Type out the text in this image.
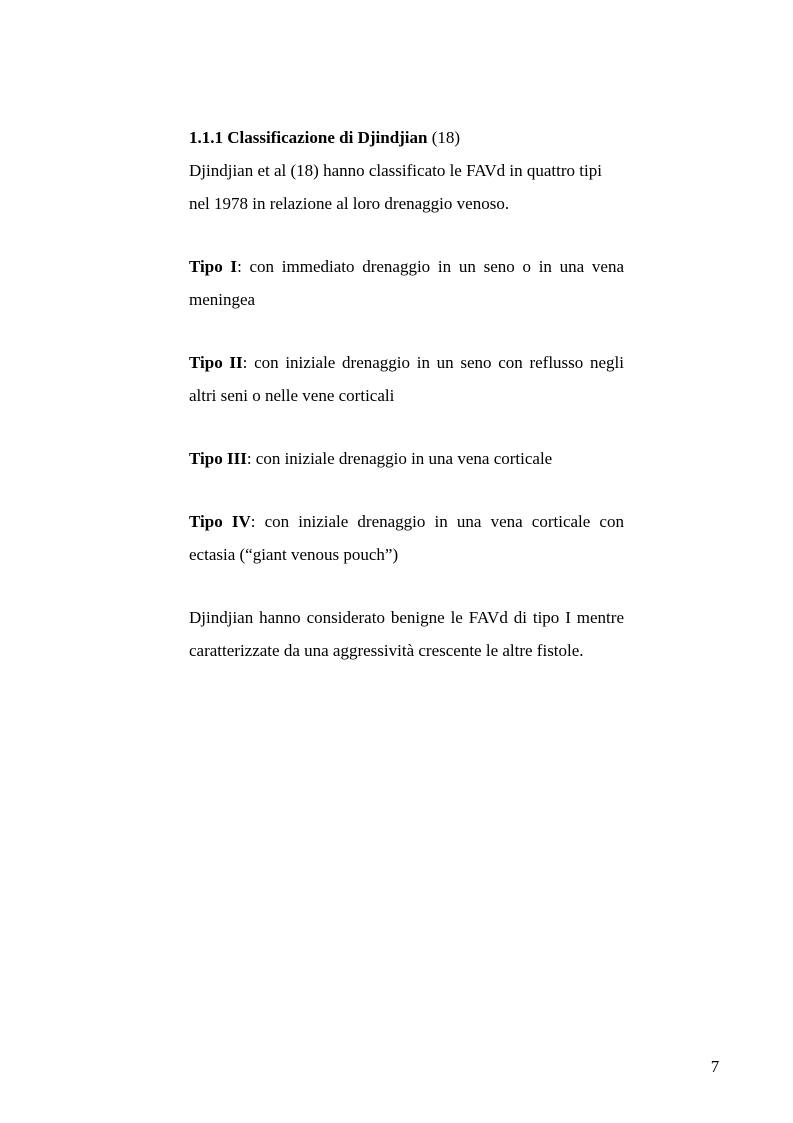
1.1.1 Classificazione di Djindjian (18)

Djindjian et al (18) hanno classificato le FAVd in quattro tipi nel 1978 in relazione al loro drenaggio venoso.

Tipo I: con immediato drenaggio in un seno o in una vena meningea

Tipo II: con iniziale drenaggio in un seno con reflusso negli altri seni o nelle vene corticali

Tipo III: con iniziale drenaggio in una vena corticale

Tipo IV: con iniziale drenaggio in una vena corticale con ectasia (“giant venous pouch”)

Djindjian hanno considerato benigne le FAVd di tipo I mentre caratterizzate da una aggressività crescente le altre fistole.

7
